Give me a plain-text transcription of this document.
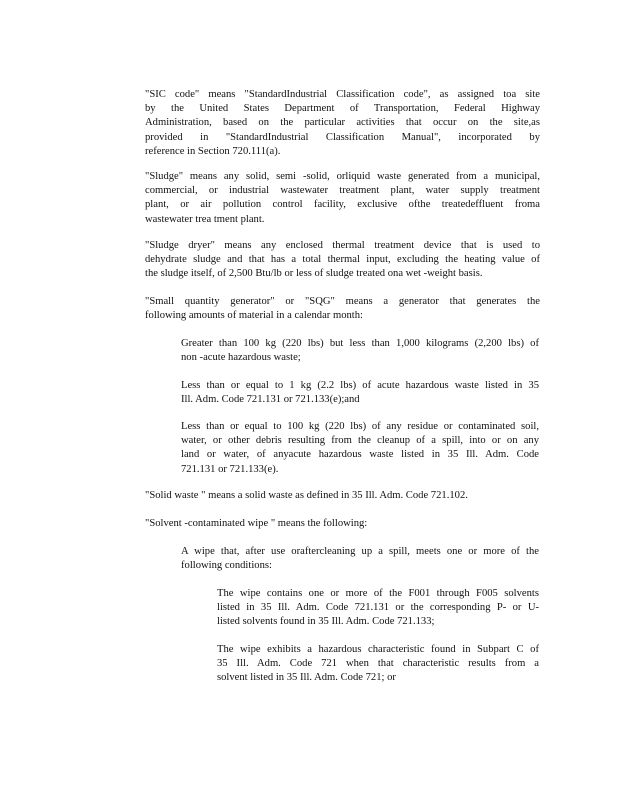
"SIC code" means "StandardIndustrial Classification code", as assigned toa site
by the United States Department of Transportation, Federal Highway
Administration, based on the particular activities that occur on the site,as
provided in "StandardIndustrial Classification Manual", incorporated by
reference in Section 720.111(a).

"Sludge" means any solid, semi -solid, orliquid waste generated from a municipal,
commercial, or industrial wastewater treatment plant, water supply treatment
plant, or air pollution control facility, exclusive ofthe treatedeffluent froma
wastewater trea tment plant.

"Sludge dryer" means any enclosed thermal treatment device that is used to
dehydrate sludge and that has a total thermal input, excluding the heating value of
the sludge itself, of 2,500 Btu/lb or less of sludge treated ona wet -weight basis.

"Small quantity generator" or "SQG" means a generator that generates the
following amounts of material in a calendar month:

Greater than 100 kg (220 lbs) but less than 1,000 kilograms (2,200 lbs) of
non -acute hazardous waste;

Less than or equal to 1 kg (2.2 lbs) of acute hazardous waste listed in 35
Ill. Adm. Code 721.131 or 721.133(e);and

Less than or equal to 100 kg (220 lbs) of any residue or contaminated soil,
water, or other debris resulting from the cleanup of a spill, into or on any
land or water, of anyacute hazardous waste listed in 35 Ill. Adm. Code
721.131 or 721.133(e).

"Solid waste " means a solid waste as defined in 35 Ill. Adm. Code 721.102.

"Solvent -contaminated wipe " means the following:

A wipe that, after use oraftercleaning up a spill, meets one or more of the
following conditions:

The wipe contains one or more of the F001 through F005 solvents
listed in 35 Ill. Adm. Code 721.131 or the corresponding P- or U-
listed solvents found in 35 Ill. Adm. Code 721.133;

The wipe exhibits a hazardous characteristic found in Subpart C of
35 Ill. Adm. Code 721 when that characteristic results from a
solvent listed in 35 Ill. Adm. Code 721; or
